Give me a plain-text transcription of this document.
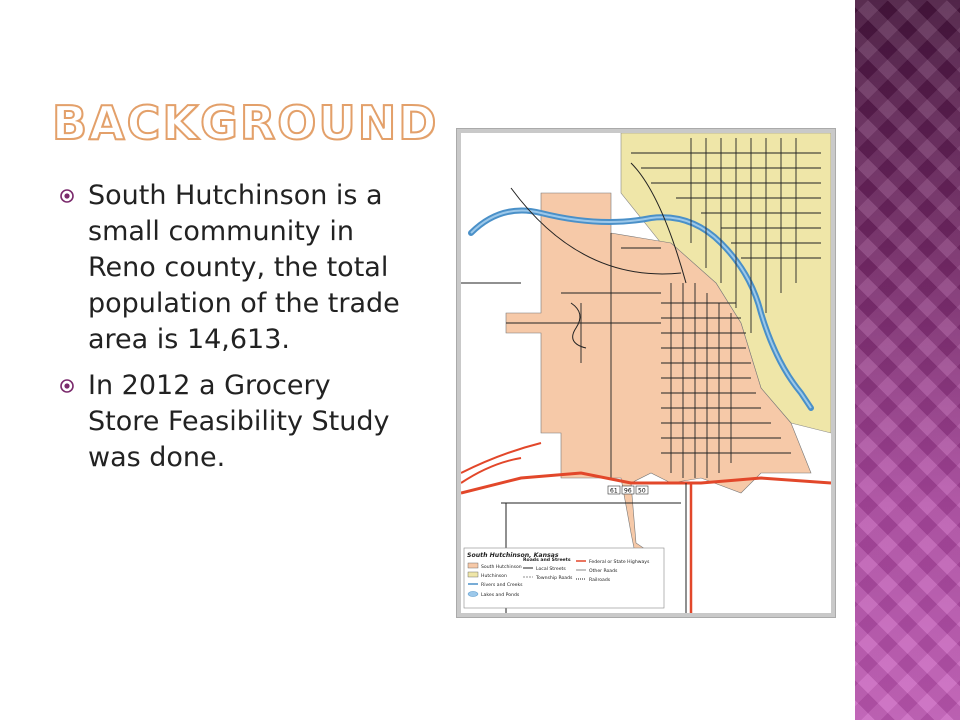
BACKGROUND
South Hutchinson is a small community in Reno county, the total population of the trade area is 14,613.
In 2012 a Grocery Store Feasibility Study was done.
61 96 50
South Hutchinson, Kansas
South Hutchinson
Hutchinson
Rivers and Creeks
Lakes and Ponds
Roads and Streets
Local Streets
Township Roads
Federal or State Highways
Other Roads
Railroads
